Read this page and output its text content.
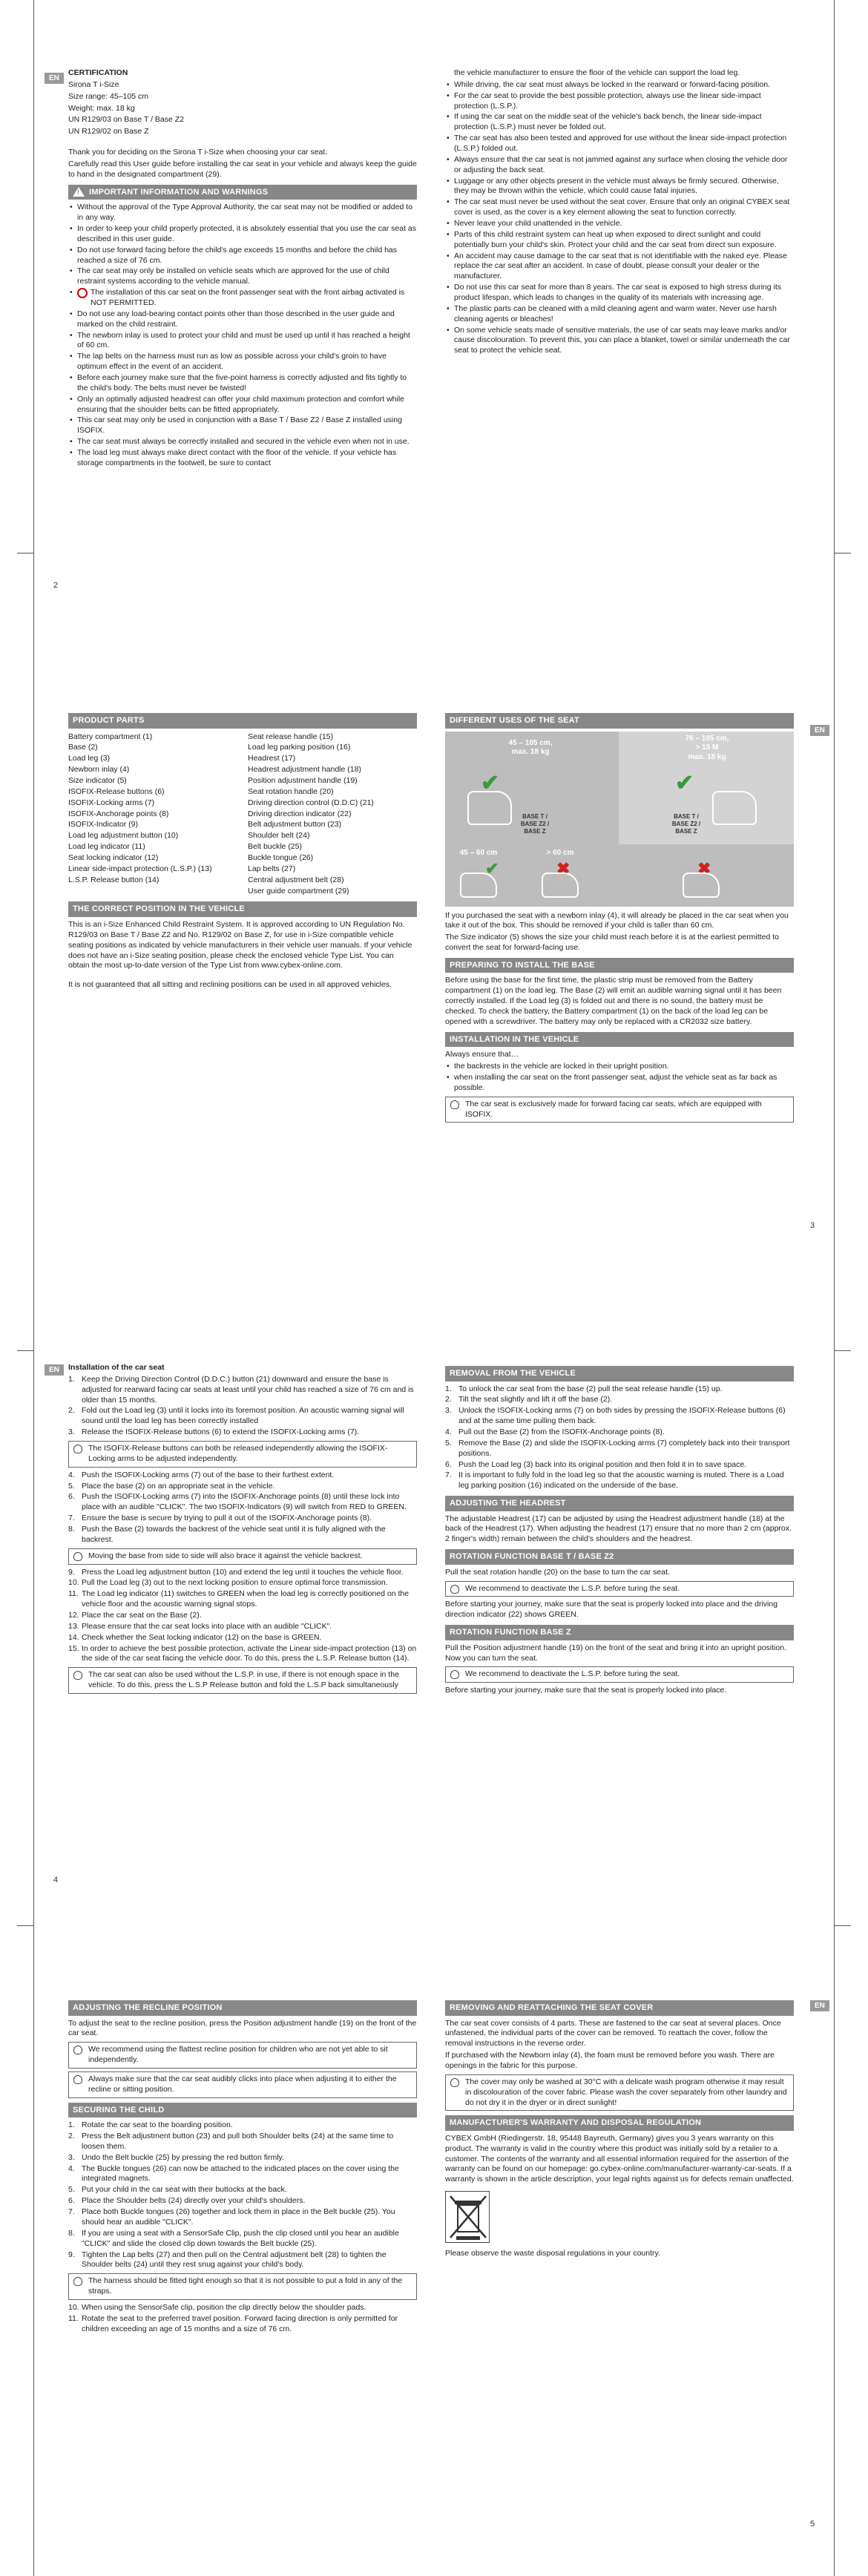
EN

CERTIFICATION

Sirona T i-Size

Size range: 45–105 cm

Weight: max. 18 kg

UN R129/03 on Base T / Base Z2

UN R129/02 on Base Z

Thank you for deciding on the Sirona T i-Size when choosing your car seat.

Carefully read this User guide before installing the car seat in your vehicle and always keep the guide to hand in the designated compartment (29).

!
IMPORTANT INFORMATION AND WARNINGS
• Without the approval of the Type Approval Authority, the car seat may not be modified or added to in any way.
• In order to keep your child properly protected, it is absolutely essential that you use the car seat as described in this user guide.
• Do not use forward facing before the child's age exceeds 15 months and before the child has reached a size of 76 cm.
• The car seat may only be installed on vehicle seats which are approved for the use of child restraint systems according to the vehicle manual.
• The installation of this car seat on the front passenger seat with the front airbag activated is NOT PERMITTED.
• Do not use any load-bearing contact points other than those described in the user guide and marked on the child restraint.
• The newborn inlay is used to protect your child and must be used up until it has reached a height of 60 cm.
• The lap belts on the harness must run as low as possible across your child's groin to have optimum effect in the event of an accident.
• Before each journey make sure that the five-point harness is correctly adjusted and fits tightly to the child's body. The belts must never be twisted!
• Only an optimally adjusted headrest can offer your child maximum protection and comfort while ensuring that the shoulder belts can be fitted appropriately.
• This car seat may only be used in conjunction with a Base T / Base Z2 / Base Z installed using ISOFIX.
• The car seat must always be correctly installed and secured in the vehicle even when not in use.
• The load leg must always make direct contact with the floor of the vehicle. If your vehicle has storage compartments in the footwell, be sure to contact

the vehicle manufacturer to ensure the floor of the vehicle can support the load leg.

• While driving, the car seat must always be locked in the rearward or forward-facing position.
• For the car seat to provide the best possible protection, always use the linear side-impact protection (L.S.P.).
• If using the car seat on the middle seat of the vehicle's back bench, the linear side-impact protection (L.S.P.) must never be folded out.
• The car seat has also been tested and approved for use without the linear side-impact protection (L.S.P.) folded out.
• Always ensure that the car seat is not jammed against any surface when closing the vehicle door or adjusting the back seat.
• Luggage or any other objects present in the vehicle must always be firmly secured. Otherwise, they may be thrown within the vehicle, which could cause fatal injuries.
• The car seat must never be used without the seat cover. Ensure that only an original CYBEX seat cover is used, as the cover is a key element allowing the seat to function correctly.
• Never leave your child unattended in the vehicle.
• Parts of this child restraint system can heat up when exposed to direct sunlight and could potentially burn your child's skin. Protect your child and the car seat from direct sun exposure.
• An accident may cause damage to the car seat that is not identifiable with the naked eye. Please replace the car seat after an accident. In case of doubt, please consult your dealer or the manufacturer.
• Do not use this car seat for more than 8 years. The car seat is exposed to high stress during its product lifespan, which leads to changes in the quality of its materials with increasing age.
• The plastic parts can be cleaned with a mild cleaning agent and warm water. Never use harsh cleaning agents or bleaches!
• On some vehicle seats made of sensitive materials, the use of car seats may leave marks and/or cause discolouration. To prevent this, you can place a blanket, towel or similar underneath the car seat to protect the vehicle seat.
2
EN
PRODUCT PARTS
Battery compartment (1)
Base (2)
Load leg (3)
Newborn inlay (4)
Size indicator (5)
ISOFIX-Release buttons (6)
ISOFIX-Locking arms (7)
ISOFIX-Anchorage points (8)
ISOFIX-Indicator (9)
Load leg adjustment button (10)
Load leg indicator (11)
Seat locking indicator (12)
Linear side-impact protection (L.S.P.) (13)
L.S.P. Release button (14)
Seat release handle (15)
Load leg parking position (16)
Headrest (17)
Headrest adjustment handle (18)
Position adjustment handle (19)
Seat rotation handle (20)
Driving direction control (D.D.C) (21)
Driving direction indicator (22)
Belt adjustment button (23)
Shoulder belt (24)
Belt buckle (25)
Buckle tongue (26)
Lap belts (27)
Central adjustment belt (28)
User guide compartment (29)
THE CORRECT POSITION IN THE VEHICLE

This is an i-Size Enhanced Child Restraint System. It is approved according to UN Regulation No. R129/03 on Base T / Base Z2 and No. R129/02 on Base Z, for use in i-Size compatible vehicle seating positions as indicated by vehicle manufacturers in their vehicle user manuals. If your vehicle does not have an i-Size seating position, please check the enclosed vehicle Type List. You can obtain the most up-to-date version of the Type List from www.cybex-online.com.

It is not guaranteed that all sitting and reclining positions can be used in all approved vehicles.

DIFFERENT USES OF THE SEAT
45 – 105 cm,
max. 18 kg
76 – 105 cm,
> 15 M
max. 18 kg
✔
BASE T / BASE Z2 / BASE Z
✔
BASE T / BASE Z2 / BASE Z
45 – 60 cm	> 60 cm
✔	✖	✖

If you purchased the seat with a newborn inlay (4), it will already be placed in the car seat when you take it out of the box. This should be removed if your child is taller than 60 cm.

The Size indicator (5) shows the size your child must reach before it is at the earliest permitted to convert the seat for forward-facing use.

PREPARING TO INSTALL THE BASE

Before using the base for the first time, the plastic strip must be removed from the Battery compartment (1) on the load leg. The Base (2) will emit an audible warning signal until it has been correctly installed. If the Load leg (3) is folded out and there is no sound, the battery must be checked. To check the battery, the Battery compartment (1) on the back of the load leg can be opened with a screwdriver. The battery may only be replaced with a CR2032 size battery.

INSTALLATION IN THE VEHICLE

Always ensure that…

• the backrests in the vehicle are locked in their upright position.
• when installing the car seat on the front passenger seat, adjust the vehicle seat as far back as possible.
The car seat is exclusively made for forward facing car seats, which are equipped with ISOFIX.
3
EN	Installation of the car seat

1. Keep the Driving Direction Control (D.D.C.) button (21) downward and ensure the base is adjusted for rearward facing car seats at least until your child has reached a size of 76 cm and is older than 15 months.
2. Fold out the Load leg (3) until it locks into its foremost position. An acoustic warning signal will sound until the load leg has been correctly installed
3. Release the ISOFIX-Release buttons (6) to extend the ISOFIX-Locking arms (7).
The ISOFIX-Release buttons can both be released independently allowing the ISOFIX-Locking arms to be adjusted independently.
4. Push the ISOFIX-Locking arms (7) out of the base to their furthest extent.
5. Place the base (2) on an appropriate seat in the vehicle.
6. Push the ISOFIX-Locking arms (7) into the ISOFIX-Anchorage points (8) until these lock into place with an audible "CLICK". The two ISOFIX-Indicators (9) will switch from RED to GREEN.
7. Ensure the base is secure by trying to pull it out of the ISOFIX-Anchorage points (8).
8. Push the Base (2) towards the backrest of the vehicle seat until it is fully aligned with the backrest.
Moving the base from side to side will also brace it against the vehicle backrest.
9. Press the Load leg adjustment button (10) and extend the leg until it touches the vehicle floor.
10. Pull the Load leg (3) out to the next locking position to ensure optimal force transmission.
11. The Load leg indicator (11) switches to GREEN when the load leg is correctly positioned on the vehicle floor and the acoustic warning signal stops.
12. Place the car seat on the Base (2).
13. Please ensure that the car seat locks into place with an audible "CLICK".
14. Check whether the Seat locking indicator (12) on the base is GREEN.
15. In order to achieve the best possible protection, activate the Linear side-impact protection (13) on the side of the car seat facing the vehicle door. To do this, press the L.S.P. Release button (14).
The car seat can also be used without the L.S.P. in use, if there is not enough space in the vehicle. To do this, press the L.S.P Release button and fold the L.S.P back simultaneously
REMOVAL FROM THE VEHICLE
1. To unlock the car seat from the base (2) pull the seat release handle (15) up.
2. Tilt the seat slightly and lift it off the base (2).
3. Unlock the ISOFIX-Locking arms (7) on both sides by pressing the ISOFIX-Release buttons (6) and at the same time pulling them back.
4. Pull out the Base (2) from the ISOFIX-Anchorage points (8).
5. Remove the Base (2) and slide the ISOFIX-Locking arms (7) completely back into their transport positions.
6. Push the Load leg (3) back into its original position and then fold it in to save space.
7. It is important to fully fold in the load leg so that the acoustic warning is muted. There is a Load leg parking position (16) indicated on the underside of the base.
ADJUSTING THE HEADREST

The adjustable Headrest (17) can be adjusted by using the Headrest adjustment handle (18) at the back of the Headrest (17). When adjusting the headrest (17) ensure that no more than 2 cm (approx. 2 finger's width) remain between the child's shoulders and the headrest.

ROTATION FUNCTION BASE T / BASE Z2

Pull the seat rotation handle (20) on the base to turn the car seat.

We recommend to deactivate the L.S.P. before turing the seat.

Before starting your journey, make sure that the seat is properly locked into place and the driving direction indicator (22) shows GREEN.

ROTATION FUNCTION BASE Z

Pull the Position adjustment handle (19) on the front of the seat and bring it into an upright position. Now you can turn the seat.

We recommend to deactivate the L.S.P. before turing the seat.

Before starting your journey, make sure that the seat is properly locked into place.

4
EN
ADJUSTING THE RECLINE POSITION

To adjust the seat to the recline position, press the Position adjustment handle (19) on the front of the car seat.

We recommend using the flattest recline position for children who are not yet able to sit independently.
Always make sure that the car seat audibly clicks into place when adjusting it to either the recline or sitting position.
SECURING THE CHILD
1. Rotate the car seat to the boarding position.
2. Press the Belt adjustment button (23) and pull both Shoulder belts (24) at the same time to loosen them.
3. Undo the Belt buckle (25) by pressing the red button firmly.
4. The Buckle tongues (26) can now be attached to the indicated places on the cover using the integrated magnets.
5. Put your child in the car seat with their buttocks at the back.
6. Place the Shoulder belts (24) directly over your child's shoulders.
7. Place both Buckle tongues (26) together and lock them in place in the Belt buckle (25). You should hear an audible "CLICK".
8. If you are using a seat with a SensorSafe Clip, push the clip closed until you hear an audible "CLICK" and slide the closed clip down towards the Belt buckle (25).
9. Tighten the Lap belts (27) and then pull on the Central adjustment belt (28) to tighten the Shoulder belts (24) until they rest snug against your child's body.
The harness should be fitted tight enough so that it is not possible to put a fold in any of the straps.
10. When using the SensorSafe clip, position the clip directly below the shoulder pads.
11. Rotate the seat to the preferred travel position. Forward facing direction is only permitted for children exceeding an age of 15 months and a size of 76 cm.
REMOVING AND REATTACHING THE SEAT COVER

The car seat cover consists of 4 parts. These are fastened to the car seat at several places. Once unfastened, the individual parts of the cover can be removed. To reattach the cover, follow the removal instructions in the reverse order.

If purchased with the Newborn inlay (4), the foam must be removed before you wash. There are openings in the fabric for this purpose.

The cover may only be washed at 30°C with a delicate wash program otherwise it may result in discolouration of the cover fabric. Please wash the cover separately from other laundry and do not dry it in the dryer or in direct sunlight!
MANUFACTURER'S WARRANTY AND DISPOSAL REGULATION

CYBEX GmbH (Riedingerstr. 18, 95448 Bayreuth, Germany) gives you 3 years warranty on this product. The warranty is valid in the country where this product was initially sold by a retailer to a customer. The contents of the warranty and all essential information required for the assertion of the warranty can be found on our homepage: go.cybex-online.com/manufacturer-warranty-car-seats. If a warranty is shown in the article description, your legal rights against us for defects remain unaffected.

Please observe the waste disposal regulations in your country.

5
